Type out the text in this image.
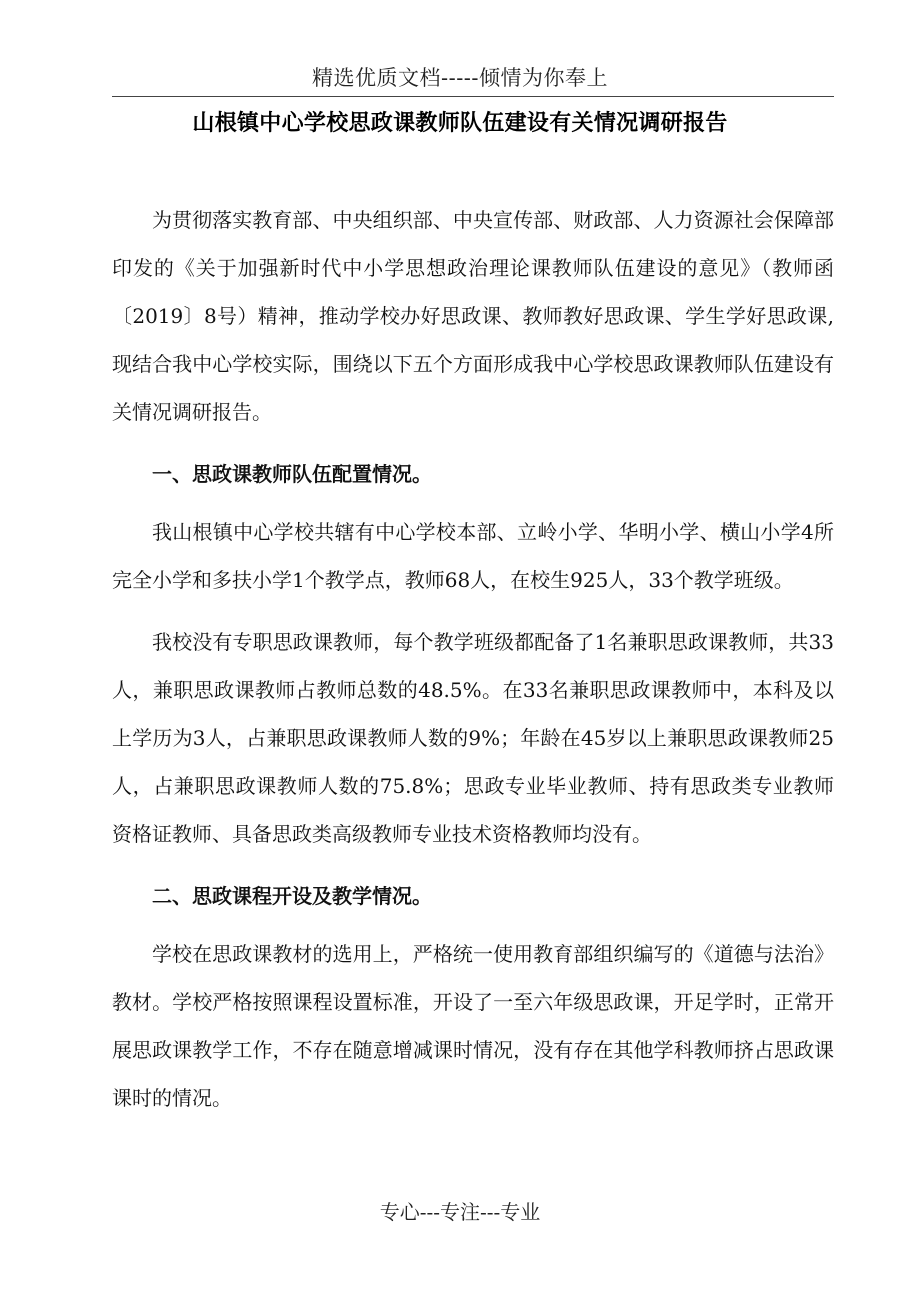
精选优质文档-----倾情为你奉上
山根镇中心学校思政课教师队伍建设有关情况调研报告

为贯彻落实教育部、中央组织部、中央宣传部、财政部、人力资源社会保障部印发的《关于加强新时代中小学思想政治理论课教师队伍建设的意见》（教师函〔2019〕8号）精神，推动学校办好思政课、教师教好思政课、学生学好思政课,现结合我中心学校实际，围绕以下五个方面形成我中心学校思政课教师队伍建设有关情况调研报告。

一、思政课教师队伍配置情况。

我山根镇中心学校共辖有中心学校本部、立岭小学、华明小学、横山小学4所完全小学和多扶小学1个教学点，教师68人，在校生925人，33个教学班级。

我校没有专职思政课教师，每个教学班级都配备了1名兼职思政课教师，共33人，兼职思政课教师占教师总数的48.5%。在33名兼职思政课教师中，本科及以上学历为3人，占兼职思政课教师人数的9%；年龄在45岁以上兼职思政课教师25人，占兼职思政课教师人数的75.8%；思政专业毕业教师、持有思政类专业教师资格证教师、具备思政类高级教师专业技术资格教师均没有。

二、思政课程开设及教学情况。

学校在思政课教材的选用上，严格统一使用教育部组织编写的《道德与法治》教材。学校严格按照课程设置标准，开设了一至六年级思政课，开足学时，正常开展思政课教学工作，不存在随意增减课时情况，没有存在其他学科教师挤占思政课课时的情况。

专心---专注---专业
